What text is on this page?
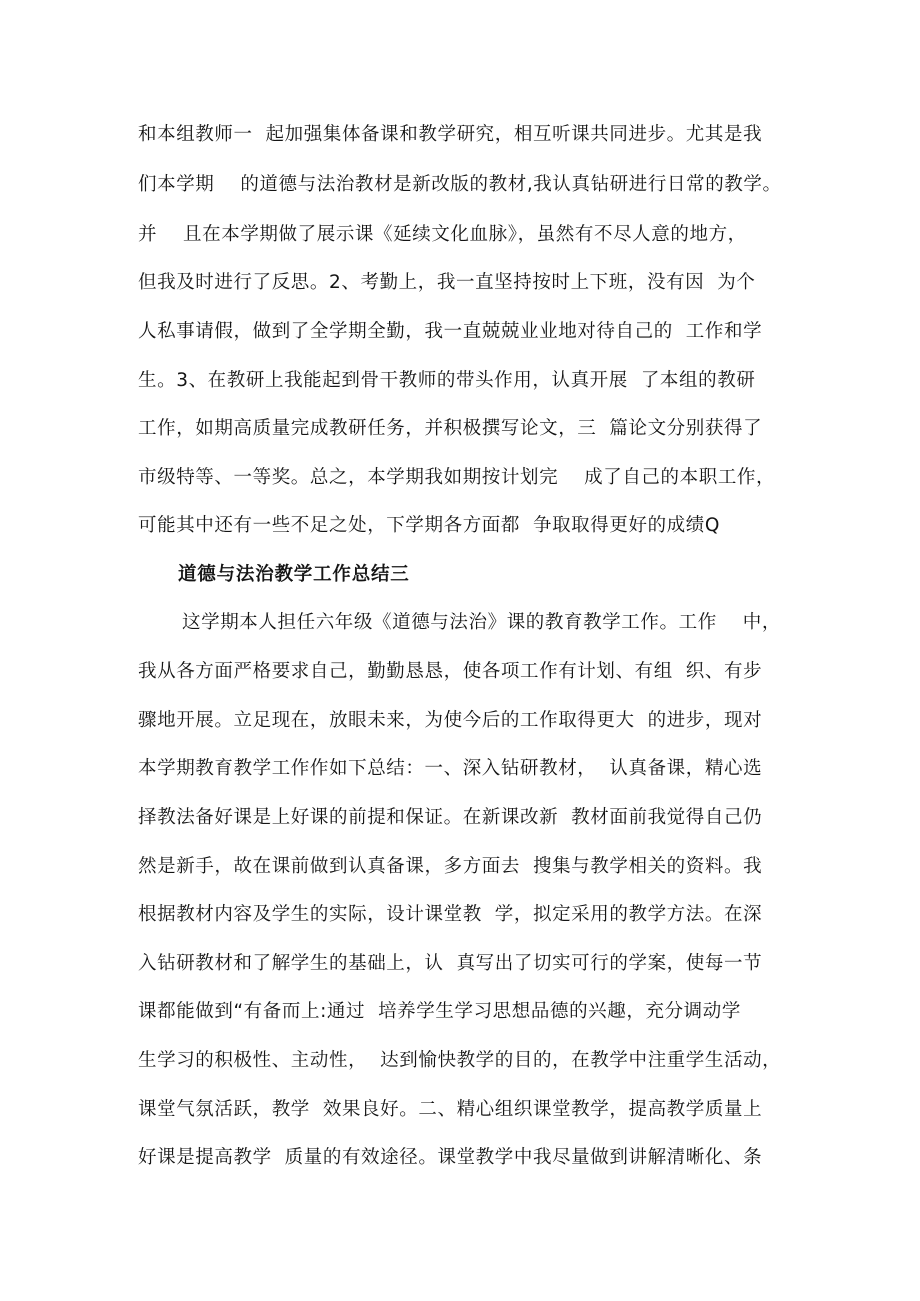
和本组教师一  起加强集体备课和教学研究，相互听课共同进步。尤其是我
们本学期    的道德与法治教材是新改版的教材,我认真钻研进行日常的教学。
并    且在本学期做了展示课《延续文化血脉》，虽然有不尽人意的地方，
但我及时进行了反思。2、考勤上，我一直坚持按时上下班，没有因  为个
人私事请假，做到了全学期全勤，我一直兢兢业业地对待自己的  工作和学
生。3、在教研上我能起到骨干教师的带头作用，认真开展  了本组的教研
工作，如期高质量完成教研任务，并积极撰写论文，三  篇论文分别获得了
市级特等、一等奖。总之，本学期我如期按计划完    成了自己的本职工作，
可能其中还有一些不足之处，下学期各方面都  争取取得更好的成绩Q
道德与法治教学工作总结三
这学期本人担任六年级《道德与法治》课的教育教学工作。工作    中，
我从各方面严格要求自己，勤勤恳恳，使各项工作有计划、有组  织、有步
骤地开展。立足现在，放眼未来，为使今后的工作取得更大  的进步，现对
本学期教育教学工作作如下总结：一、深入钻研教材，  认真备课，精心选
择教法备好课是上好课的前提和保证。在新课改新  教材面前我觉得自己仍
然是新手，故在课前做到认真备课，多方面去  搜集与教学相关的资料。我
根据教材内容及学生的实际，设计课堂教  学，拟定采用的教学方法。在深
入钻研教材和了解学生的基础上，认  真写出了切实可行的学案，使每一节
课都能做到“有备而上:通过  培养学生学习思想品德的兴趣，充分调动学
生学习的积极性、主动性，  达到愉快教学的目的，在教学中注重学生活动，
课堂气氛活跃，教学  效果良好。二、精心组织课堂教学，提高教学质量上
好课是提高教学  质量的有效途径。课堂教学中我尽量做到讲解清晰化、条
